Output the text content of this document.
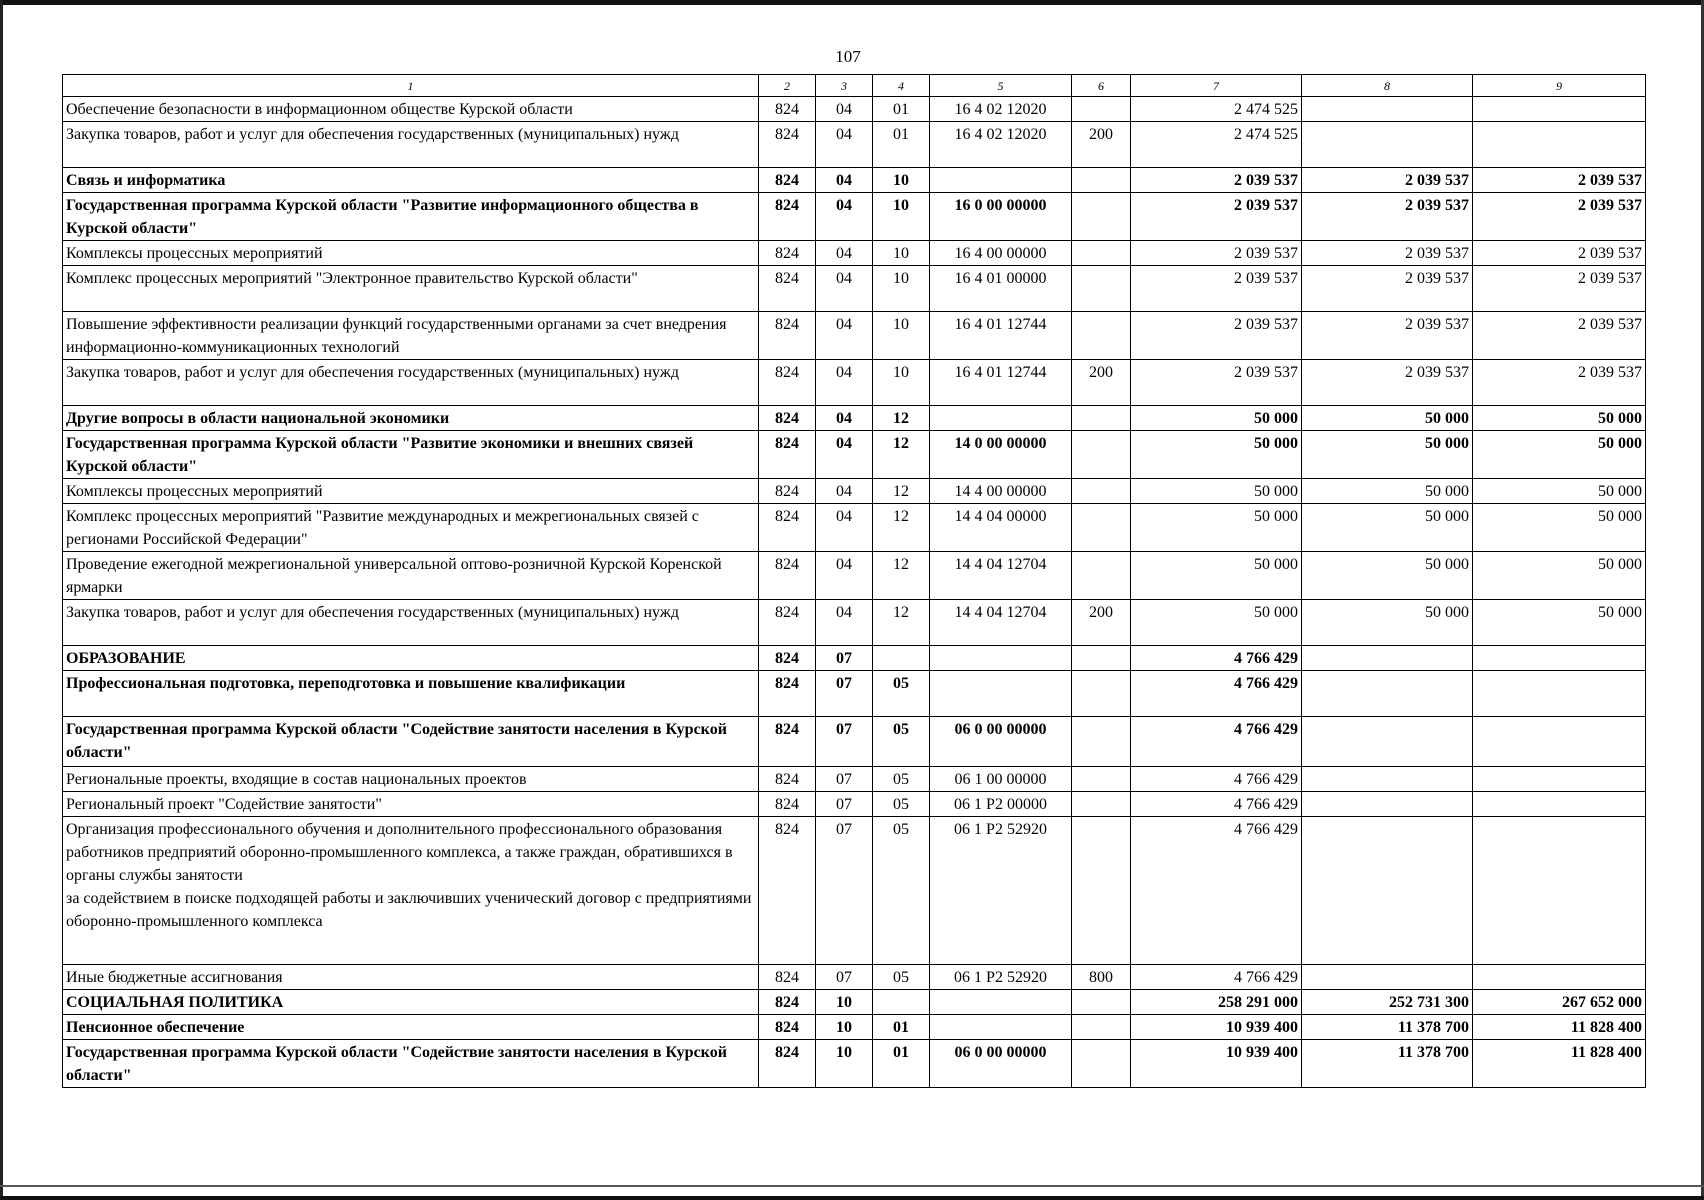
107
1	2	3	4	5	6	7	8	9
Обеспечение безопасности в информационном обществе Курской области	824	04	01	16 4 02 12020		2 474 525		
Закупка товаров, работ и услуг для обеспечения государственных (муниципальных) нужд	824	04	01	16 4 02 12020	200	2 474 525		
Связь и информатика	824	04	10			2 039 537	2 039 537	2 039 537
Государственная программа Курской области "Развитие информационного общества в Курской области"	824	04	10	16 0 00 00000		2 039 537	2 039 537	2 039 537
Комплексы процессных мероприятий	824	04	10	16 4 00 00000		2 039 537	2 039 537	2 039 537
Комплекс процессных мероприятий "Электронное правительство Курской области"	824	04	10	16 4 01 00000		2 039 537	2 039 537	2 039 537
Повышение эффективности реализации функций государственными органами за счет внедрения информационно-коммуникационных технологий	824	04	10	16 4 01 12744		2 039 537	2 039 537	2 039 537
Закупка товаров, работ и услуг для обеспечения государственных (муниципальных) нужд	824	04	10	16 4 01 12744	200	2 039 537	2 039 537	2 039 537
Другие вопросы в области национальной экономики	824	04	12			50 000	50 000	50 000
Государственная программа Курской области "Развитие экономики и внешних связей Курской области"	824	04	12	14 0 00 00000		50 000	50 000	50 000
Комплексы процессных мероприятий	824	04	12	14 4 00 00000		50 000	50 000	50 000
Комплекс процессных мероприятий "Развитие международных и межрегиональных связей с регионами Российской Федерации"	824	04	12	14 4 04 00000		50 000	50 000	50 000
Проведение ежегодной межрегиональной универсальной оптово-розничной Курской Коренской ярмарки	824	04	12	14 4 04 12704		50 000	50 000	50 000
Закупка товаров, работ и услуг для обеспечения государственных (муниципальных) нужд	824	04	12	14 4 04 12704	200	50 000	50 000	50 000
ОБРАЗОВАНИЕ	824	07				4 766 429		
Профессиональная подготовка, переподготовка и повышение квалификации	824	07	05			4 766 429		
Государственная программа Курской области "Содействие занятости населения в Курской области"	824	07	05	06 0 00 00000		4 766 429		
Региональные проекты, входящие в состав национальных проектов	824	07	05	06 1 00 00000		4 766 429		
Региональный проект "Содействие занятости"	824	07	05	06 1 P2 00000		4 766 429		
Организация профессионального обучения и дополнительного профессионального образования работников предприятий оборонно-промышленного комплекса, а также граждан, обратившихся в органы службы занятости
за содействием в поиске подходящей работы и заключивших ученический договор с предприятиями оборонно-промышленного комплекса	824	07	05	06 1 P2 52920		4 766 429		
Иные бюджетные ассигнования	824	07	05	06 1 P2 52920	800	4 766 429		
СОЦИАЛЬНАЯ ПОЛИТИКА	824	10				258 291 000	252 731 300	267 652 000
Пенсионное обеспечение	824	10	01			10 939 400	11 378 700	11 828 400
Государственная программа Курской области "Содействие занятости населения в Курской области"	824	10	01	06 0 00 00000		10 939 400	11 378 700	11 828 400
